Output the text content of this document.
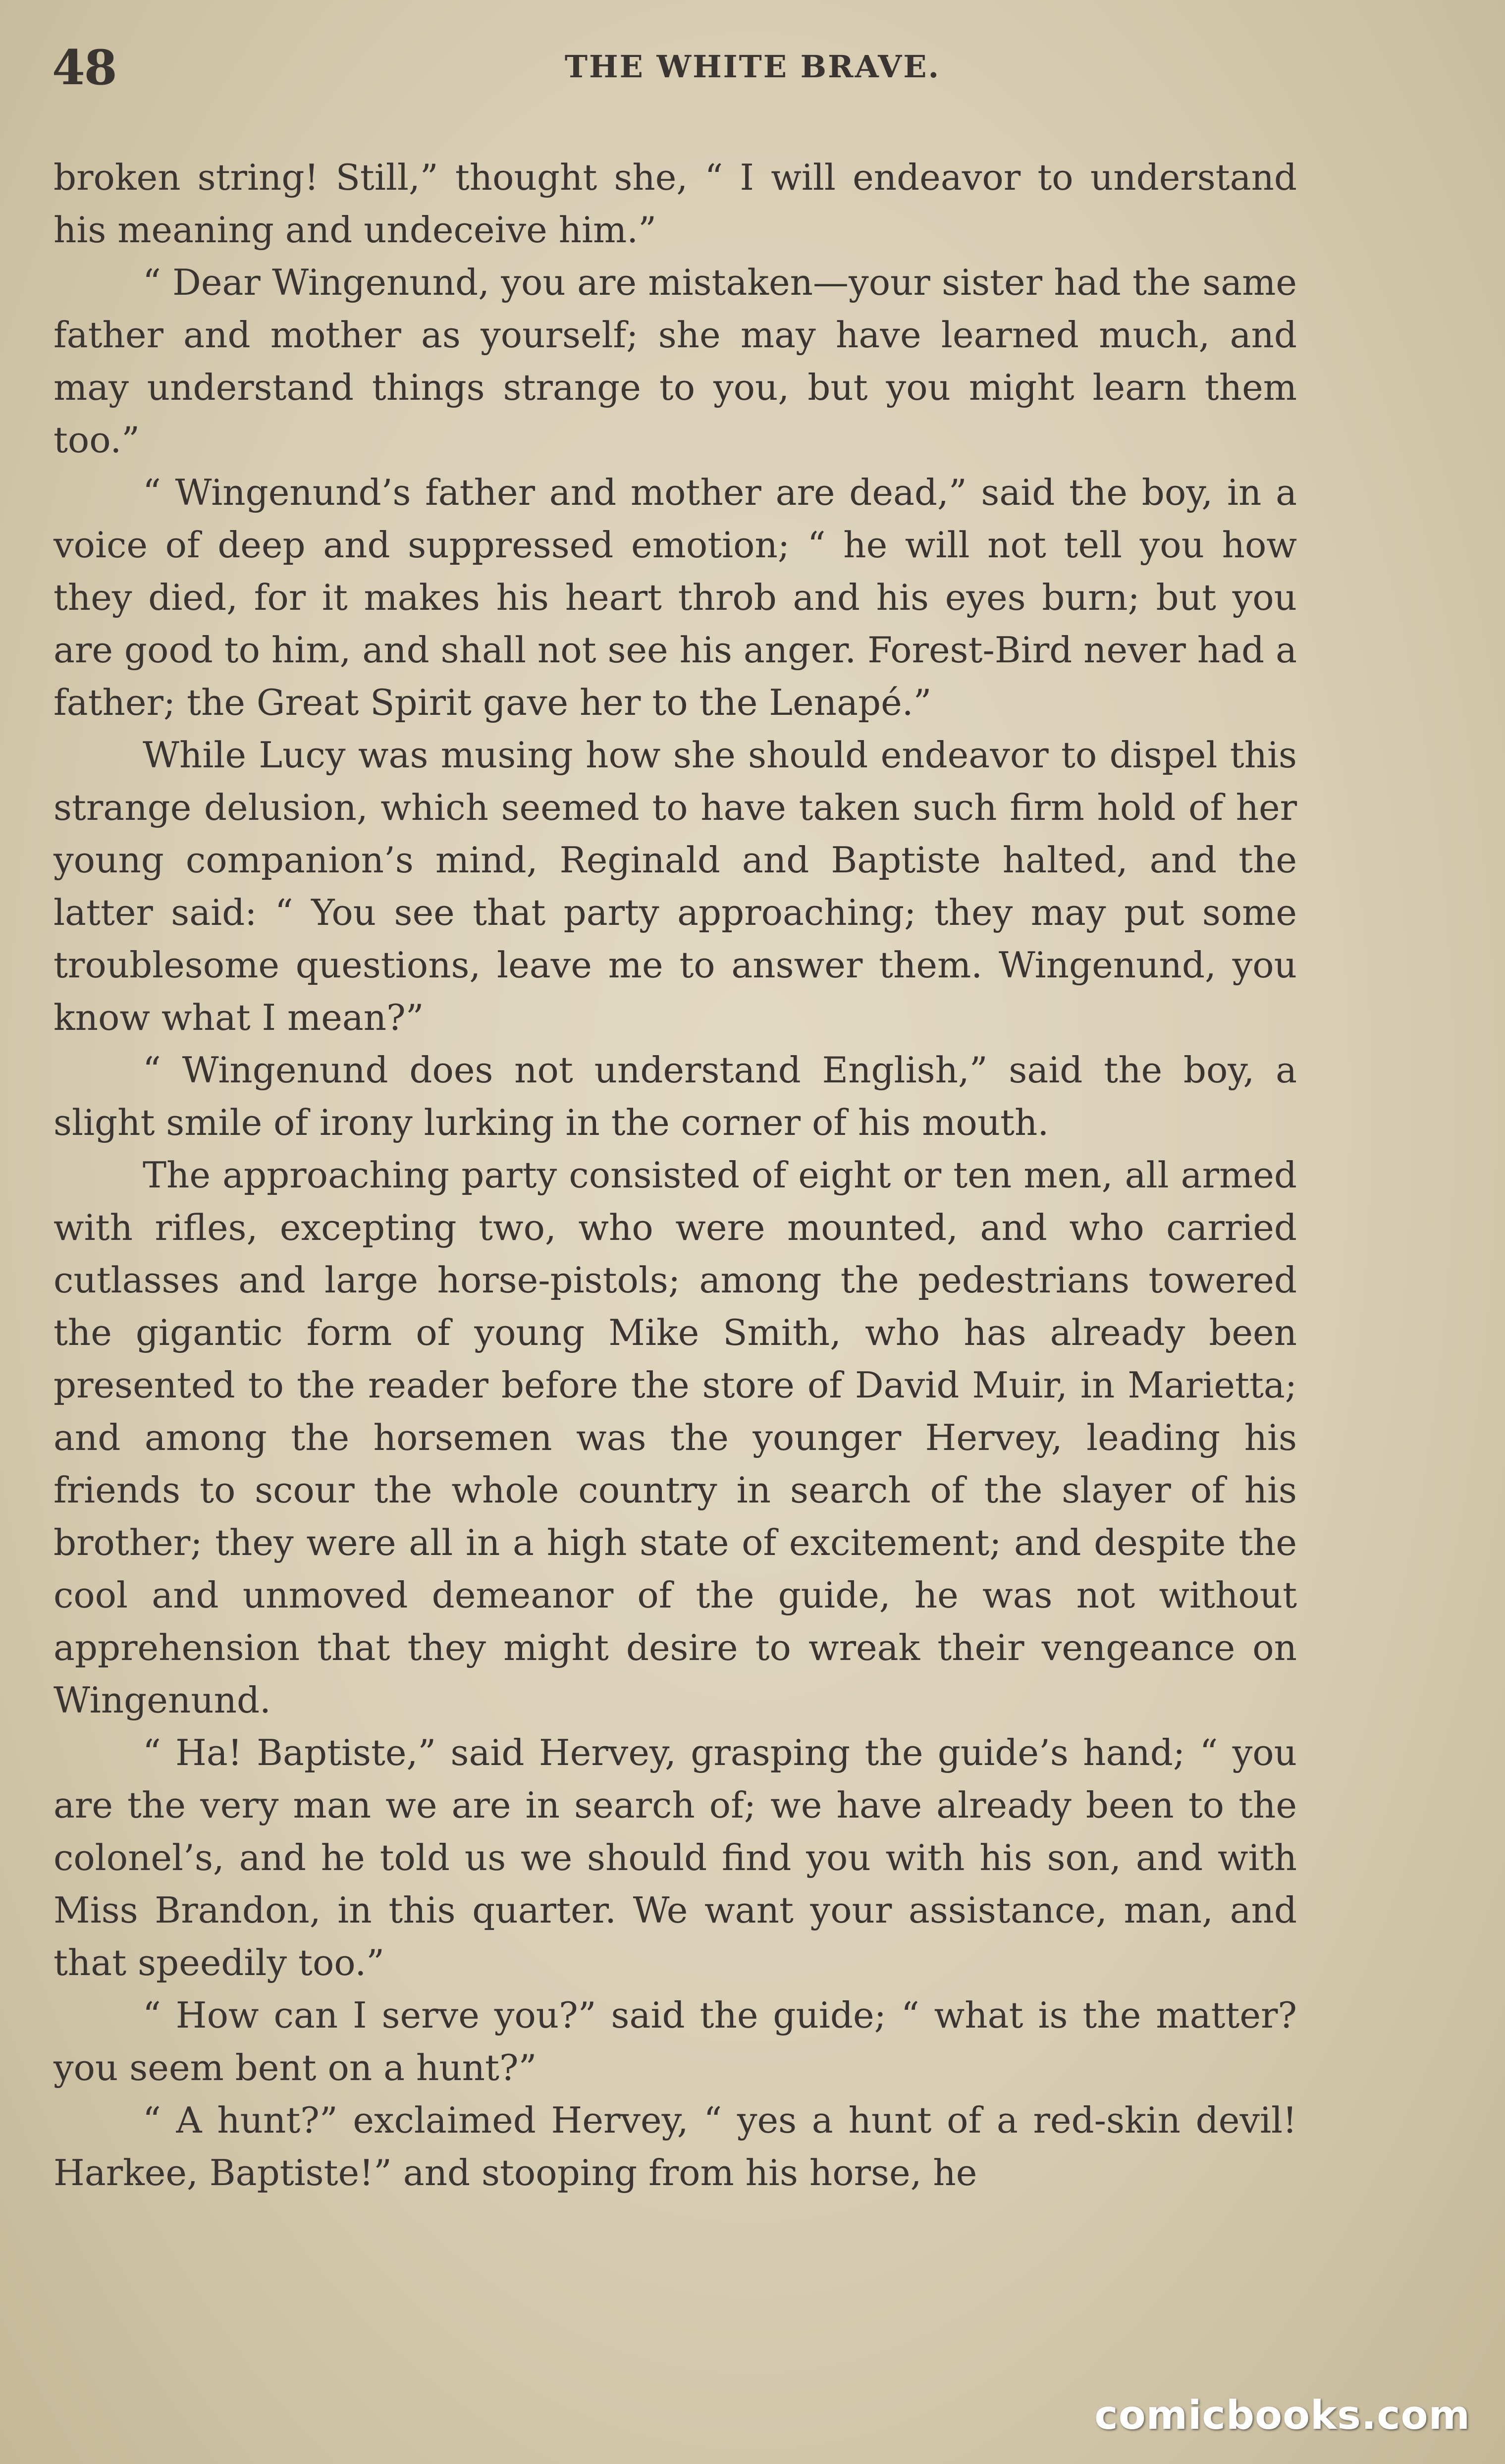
48	THE WHITE BRAVE.

broken string! Still,” thought she, “ I will endeavor to understand his meaning and undeceive him.”

“ Dear Wingenund, you are mistaken—your sister had the same father and mother as yourself; she may have learned much, and may understand things strange to you, but you might learn them too.”

“ Wingenund’s father and mother are dead,” said the boy, in a voice of deep and suppressed emotion; “ he will not tell you how they died, for it makes his heart throb and his eyes burn; but you are good to him, and shall not see his anger. Forest-Bird never had a father; the Great Spirit gave her to the Lenapé.”

While Lucy was musing how she should endeavor to dispel this strange delusion, which seemed to have taken such firm hold of her young companion’s mind, Reginald and Baptiste halted, and the latter said: “ You see that party approaching; they may put some troublesome questions, leave me to answer them. Wingenund, you know what I mean?”

“ Wingenund does not understand English,” said the boy, a slight smile of irony lurking in the corner of his mouth.

The approaching party consisted of eight or ten men, all armed with rifles, excepting two, who were mounted, and who carried cutlasses and large horse-pistols; among the pedestrians towered the gigantic form of young Mike Smith, who has already been presented to the reader before the store of David Muir, in Marietta; and among the horsemen was the younger Hervey, leading his friends to scour the whole country in search of the slayer of his brother; they were all in a high state of excitement; and despite the cool and unmoved demeanor of the guide, he was not without apprehension that they might desire to wreak their vengeance on Wingenund.

“ Ha! Baptiste,” said Hervey, grasping the guide’s hand; “ you are the very man we are in search of; we have already been to the colonel’s, and he told us we should find you with his son, and with Miss Brandon, in this quarter. We want your assistance, man, and that speedily too.”

“ How can I serve you?” said the guide; “ what is the matter? you seem bent on a hunt?”

“ A hunt?” exclaimed Hervey, “ yes a hunt of a red-skin devil! Harkee, Baptiste!” and stooping from his horse, he

comicbooks.com
